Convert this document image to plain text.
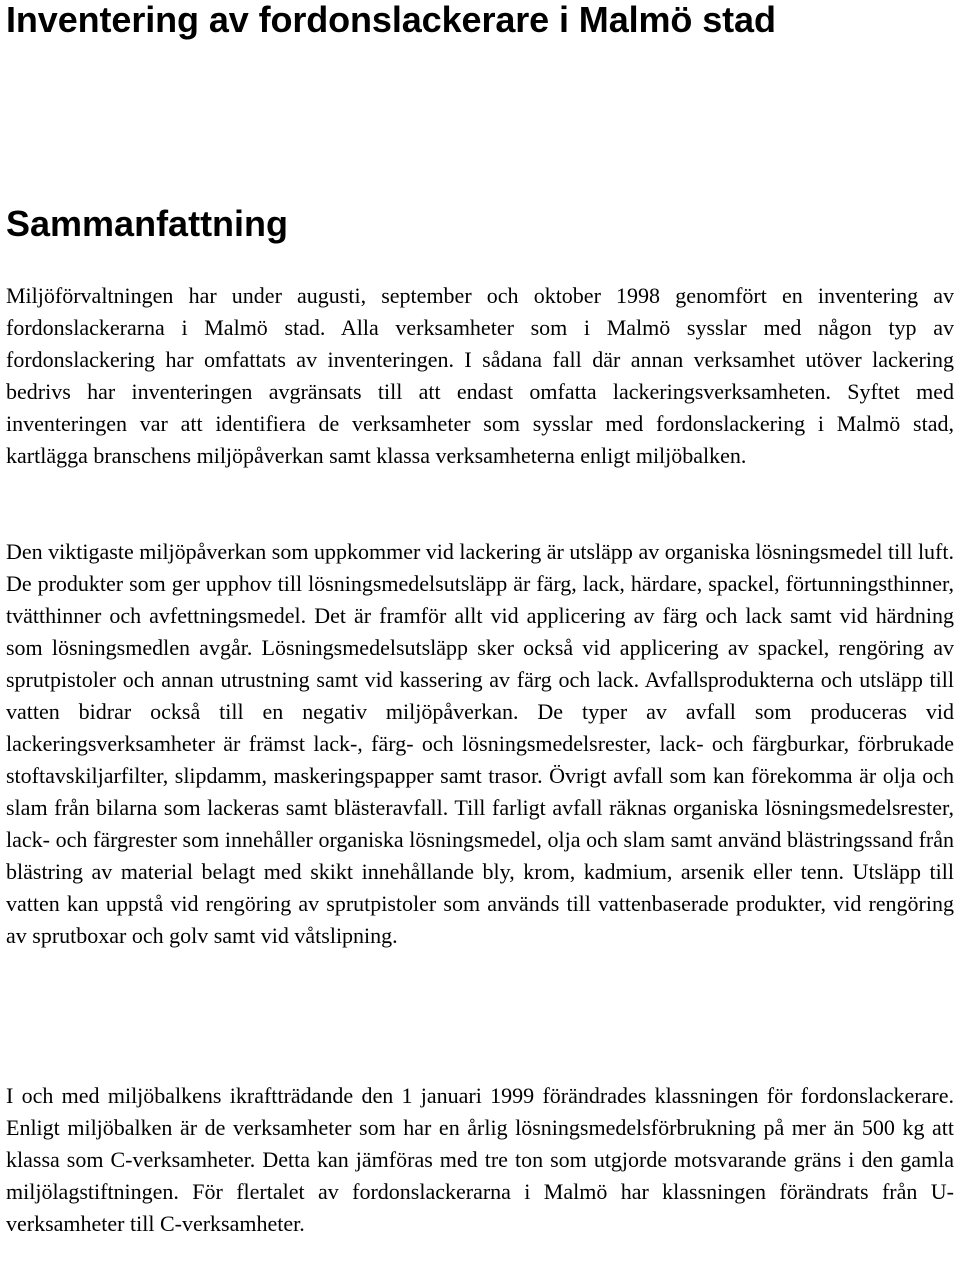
Inventering av fordonslackerare i Malmö stad
Sammanfattning

Miljöförvaltningen har under augusti, september och oktober 1998 genomfört en inventering av fordonslackerarna i Malmö stad. Alla verksamheter som i Malmö sysslar med någon typ av fordonslackering har omfattats av inventeringen. I sådana fall där annan verksamhet utöver lackering bedrivs har inventeringen avgränsats till att endast omfatta lackeringsverksamheten. Syftet med inventeringen var att identifiera de verksamheter som sysslar med fordonslackering i Malmö stad, kartlägga branschens miljöpåverkan samt klassa verksamheterna enligt miljöbalken.

Den viktigaste miljöpåverkan som uppkommer vid lackering är utsläpp av organiska lösningsmedel till luft. De produkter som ger upphov till lösningsmedelsutsläpp är färg, lack, härdare, spackel, förtunningsthinner, tvätthinner och avfettningsmedel. Det är framför allt vid applicering av färg och lack samt vid härdning som lösningsmedlen avgår. Lösningsmedelsutsläpp sker också vid applicering av spackel, rengöring av sprutpistoler och annan utrustning samt vid kassering av färg och lack. Avfallsprodukterna och utsläpp till vatten bidrar också till en negativ miljöpåverkan. De typer av avfall som produceras vid lackeringsverksamheter är främst lack-, färg- och lösningsmedelsrester, lack- och färgburkar, förbrukade stoftavskiljarfilter, slipdamm, maskeringspapper samt trasor. Övrigt avfall som kan förekomma är olja och slam från bilarna som lackeras samt blästeravfall. Till farligt avfall räknas organiska lösningsmedelsrester, lack- och färgrester som innehåller organiska lösningsmedel, olja och slam samt använd blästringssand från blästring av material belagt med skikt innehållande bly, krom, kadmium, arsenik eller tenn. Utsläpp till vatten kan uppstå vid rengöring av sprutpistoler som används till vattenbaserade produkter, vid rengöring av sprutboxar och golv samt vid våtslipning.

I och med miljöbalkens ikraftträdande den 1 januari 1999 förändrades klassningen för fordonslackerare. Enligt miljöbalken är de verksamheter som har en årlig lösningsmedelsförbrukning på mer än 500 kg att klassa som C-verksamheter. Detta kan jämföras med tre ton som utgjorde motsvarande gräns i den gamla miljölagstiftningen. För flertalet av fordonslackerarna i Malmö har klassningen förändrats från U-verksamheter till C-verksamheter.
